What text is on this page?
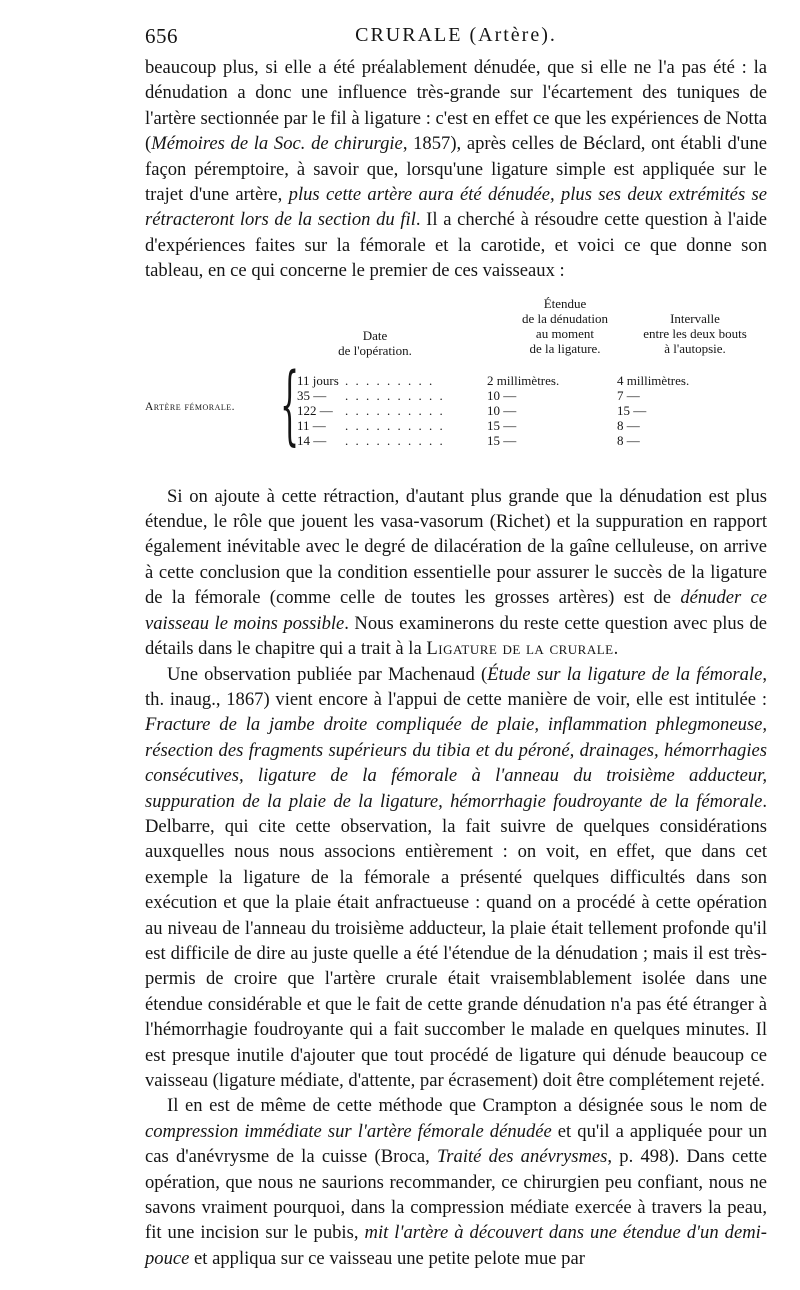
656	CRURALE (Artère).

beaucoup plus, si elle a été préalablement dénudée, que si elle ne l'a pas été : la dénudation a donc une influence très-grande sur l'écartement des tuniques de l'artère sectionnée par le fil à ligature : c'est en effet ce que les expériences de Notta (Mémoires de la Soc. de chirurgie, 1857), après celles de Béclard, ont établi d'une façon péremptoire, à savoir que, lorsqu'une ligature simple est appliquée sur le trajet d'une artère, plus cette artère aura été dénudée, plus ses deux extrémités se rétracteront lors de la section du fil. Il a cherché à résoudre cette question à l'aide d'expériences faites sur la fémorale et la carotide, et voici ce que donne son tableau, en ce qui concerne le premier de ces vaisseaux :

Date
de l'opération.
Étendue
de la dénudation
au moment
de la ligature.
Intervalle
entre les deux bouts
à l'autopsie.
Artère fémorale. {
11 jours . . . . . . . . .	2 millimètres.	4 millimètres.
35 — . . . . . . . . . .	10 —	7 —
122 — . . . . . . . . . .	10 —	15 —
11 — . . . . . . . . . .	15 —	8 —
14 — . . . . . . . . . .	15 —	8 —

Si on ajoute à cette rétraction, d'autant plus grande que la dénudation est plus étendue, le rôle que jouent les vasa-vasorum (Richet) et la suppuration en rapport également inévitable avec le degré de dilacération de la gaîne celluleuse, on arrive à cette conclusion que la condition essentielle pour assurer le succès de la ligature de la fémorale (comme celle de toutes les grosses artères) est de dénuder ce vaisseau le moins possible. Nous examinerons du reste cette question avec plus de détails dans le chapitre qui a trait à la Ligature de la crurale.

Une observation publiée par Machenaud (Étude sur la ligature de la fémorale, th. inaug., 1867) vient encore à l'appui de cette manière de voir, elle est intitulée : Fracture de la jambe droite compliquée de plaie, inflammation phlegmoneuse, résection des fragments supérieurs du tibia et du péroné, drainages, hémorrhagies consécutives, ligature de la fémorale à l'anneau du troisième adducteur, suppuration de la plaie de la ligature, hémorrhagie foudroyante de la fémorale. Delbarre, qui cite cette observation, la fait suivre de quelques considérations auxquelles nous nous associons entièrement : on voit, en effet, que dans cet exemple la ligature de la fémorale a présenté quelques difficultés dans son exécution et que la plaie était anfractueuse : quand on a procédé à cette opération au niveau de l'anneau du troisième adducteur, la plaie était tellement profonde qu'il est difficile de dire au juste quelle a été l'étendue de la dénudation ; mais il est très-permis de croire que l'artère crurale était vraisemblablement isolée dans une étendue considérable et que le fait de cette grande dénudation n'a pas été étranger à l'hémorrhagie foudroyante qui a fait succomber le malade en quelques minutes. Il est presque inutile d'ajouter que tout procédé de ligature qui dénude beaucoup ce vaisseau (ligature médiate, d'attente, par écrasement) doit être complétement rejeté.

Il en est de même de cette méthode que Crampton a désignée sous le nom de compression immédiate sur l'artère fémorale dénudée et qu'il a appliquée pour un cas d'anévrysme de la cuisse (Broca, Traité des anévrysmes, p. 498). Dans cette opération, que nous ne saurions recommander, ce chirurgien peu confiant, nous ne savons vraiment pourquoi, dans la compression médiate exercée à travers la peau, fit une incision sur le pubis, mit l'artère à découvert dans une étendue d'un demi-pouce et appliqua sur ce vaisseau une petite pelote mue par
